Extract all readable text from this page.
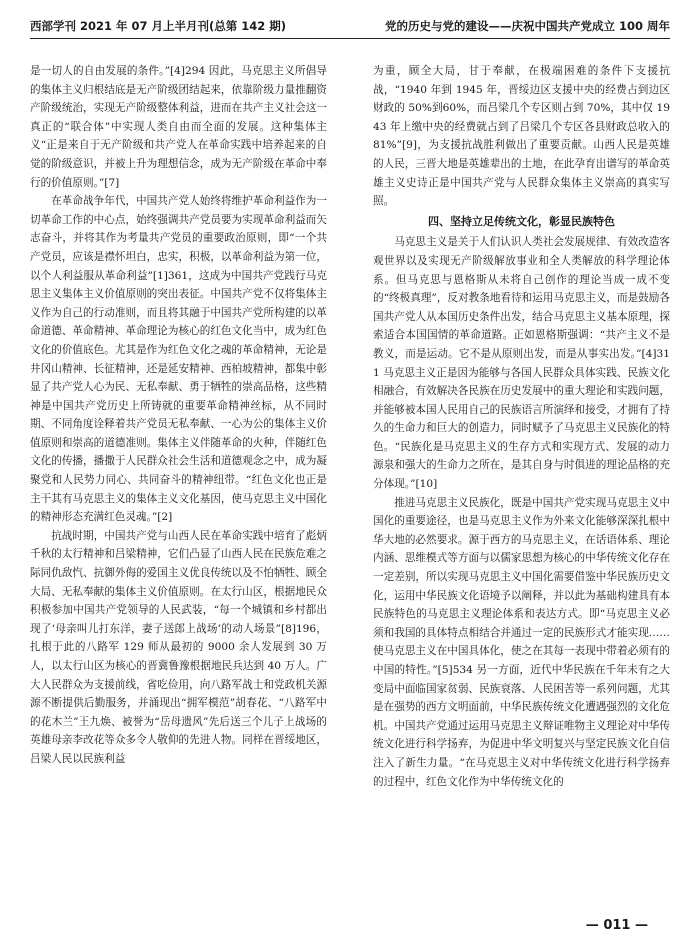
西部学刊 2021 年 07 月上半月刊(总第 142 期)	党的历史与党的建设——庆祝中国共产党成立 100 周年

是一切人的自由发展的条件。”[4]294 因此，马克思主义所倡导的集体主义归根结底是无产阶级团结起来，依靠阶级力量推翻资产阶级统治，实现无产阶级整体利益，进而在共产主义社会这一真正的“联合体”中实现人类自由而全面的发展。这种集体主义“正是来自于无产阶级和共产党人在革命实践中培养起来的自觉的阶级意识，并被上升为理想信念，成为无产阶级在革命中奉行的价值原则。”[7]

在革命战争年代，中国共产党人始终将维护革命利益作为一切革命工作的中心点，始终强调共产党员要为实现革命利益而矢志奋斗，并将其作为考量共产党员的重要政治原则，即“一个共产党员，应该是襟怀坦白，忠实，积极，以革命利益为第一位，以个人利益服从革命利益”[1]361，这成为中国共产党践行马克思主义集体主义价值原则的突出表征。中国共产党不仅将集体主义作为自己的行动准则，而且将其融于中国共产党所构建的以革命道德、革命精神、革命理论为核心的红色文化当中，成为红色文化的价值底色。尤其是作为红色文化之魂的革命精神，无论是井冈山精神、长征精神，还是延安精神、西柏坡精神，都集中彰显了共产党人心为民、无私奉献、勇于牺牲的崇高品格，这些精神是中国共产党历史上所铸就的重要革命精神丝标，从不同时期、不同角度诠释着共产党员无私奉献、一心为公的集体主义价值原则和崇高的道德准则。集体主义伴随革命的火种，伴随红色文化的传播，播撒于人民群众社会生活和道德观念之中，成为凝聚党和人民势力同心、共同奋斗的精神纽带。“红色文化也正是主干其有马克思主义的集体主义文化基因，使马克思主义中国化的精神形态充满红色灵魂。”[2]

抗战时期，中国共产党与山西人民在革命实践中培育了彪炳千秋的太行精神和吕梁精神，它们凸显了山西人民在民族危难之际同仇敌忾、抗御外侮的爱国主义优良传统以及不怕牺牲、顾全大局、无私奉献的集体主义价值原则。在太行山区，根据地民众积极参加中国共产党领导的人民武装，“每一个城镇和乡村都出现了‘母亲叫儿打东洋，妻子送郎上战场’的动人场景”[8]196，扎根于此的八路军 129 师从最初的 9000 余人发展到 30 万人，以太行山区为核心的晋冀鲁豫根据地民兵达到 40 万人。广大人民群众为支援前线，省吃俭用，向八路军战士和党政机关源源不断提供后勤服务，并涌现出“拥军模范”胡春花、“八路军中的花木兰”王九焕、被誉为“岳母遗风”先后送三个儿子上战场的英雄母亲李改花等众多令人敬仰的先进人物。同样在晋绥地区，吕梁人民以民族利益

为重，顾全大局，甘于奉献，在极端困难的条件下支援抗战，“1940 年到 1945 年，晋绥边区支援中央的经费占到边区财政的 50%到60%，而吕梁几个专区则占到 70%，其中仅 1943 年上缴中央的经费就占到了吕梁几个专区各县财政总收入的 81%”[9]，为支援抗战胜利做出了重要贡献。山西人民是英雄的人民，三晋大地是英雄辈出的土地，在此孕育出谱写的革命英雄主义史诗正是中国共产党与人民群众集体主义崇高的真实写照。

四、坚持立足传统文化，彰显民族特色

马克思主义是关于人们认识人类社会发展规律、有效改造客观世界以及实现无产阶级解放事业和全人类解放的科学理论体系。但马克思与恩格斯从未将自己创作的理论当成一成不变的“终极真理”，反对教条地看待和运用马克思主义，而是鼓励各国共产党人从本国历史条件出发，结合马克思主义基本原理，探索适合本国国情的革命道路。正如恩格斯强调：“共产主义不是教义，而是运动。它不是从原则出发，而是从事实出发。”[4]311 马克思主义正是因为能够与各国人民群众具体实践、民族文化相融合，有效解决各民族在历史发展中的重大理论和实践问题，并能够被本国人民用自己的民族语言所演绎和接受，才拥有了持久的生命力和巨大的创造力，同时赋予了马克思主义民族化的特色。“民族化是马克思主义的生存方式和实现方式、发展的动力源泉和强大的生命力之所在，是其自身与时俱进的理论品格的充分体现。”[10]

推进马克思主义民族化，既是中国共产党实现马克思主义中国化的重要途径，也是马克思主义作为外来文化能够深深扎根中华大地的必然要求。源于西方的马克思主义，在话语体系、理论内涵、思维模式等方面与以儒家思想为核心的中华传统文化存在一定差别，所以实现马克思主义中国化需要借鉴中华民族历史文化，运用中华民族文化语境予以阐释，并以此为基础构建具有本民族特色的马克思主义理论体系和表达方式。即“马克思主义必须和我国的具体特点相结合并通过一定的民族形式才能实现……使马克思主义在中国具体化，使之在其每一表现中带着必须有的中国的特性。”[5]534 另一方面，近代中华民族在千年未有之大变局中面临国家贫弱、民族衰落、人民困苦等一系列问题，尤其是在强势的西方文明面前，中华民族传统文化遭遇强烈的文化危机。中国共产党通过运用马克思主义辩证唯物主义理论对中华传统文化进行科学扬弃，为促进中华文明复兴与坚定民族文化自信注入了新生力量。“在马克思主义对中华传统文化进行科学扬弃的过程中，红色文化作为中华传统文化的

— 011 —
